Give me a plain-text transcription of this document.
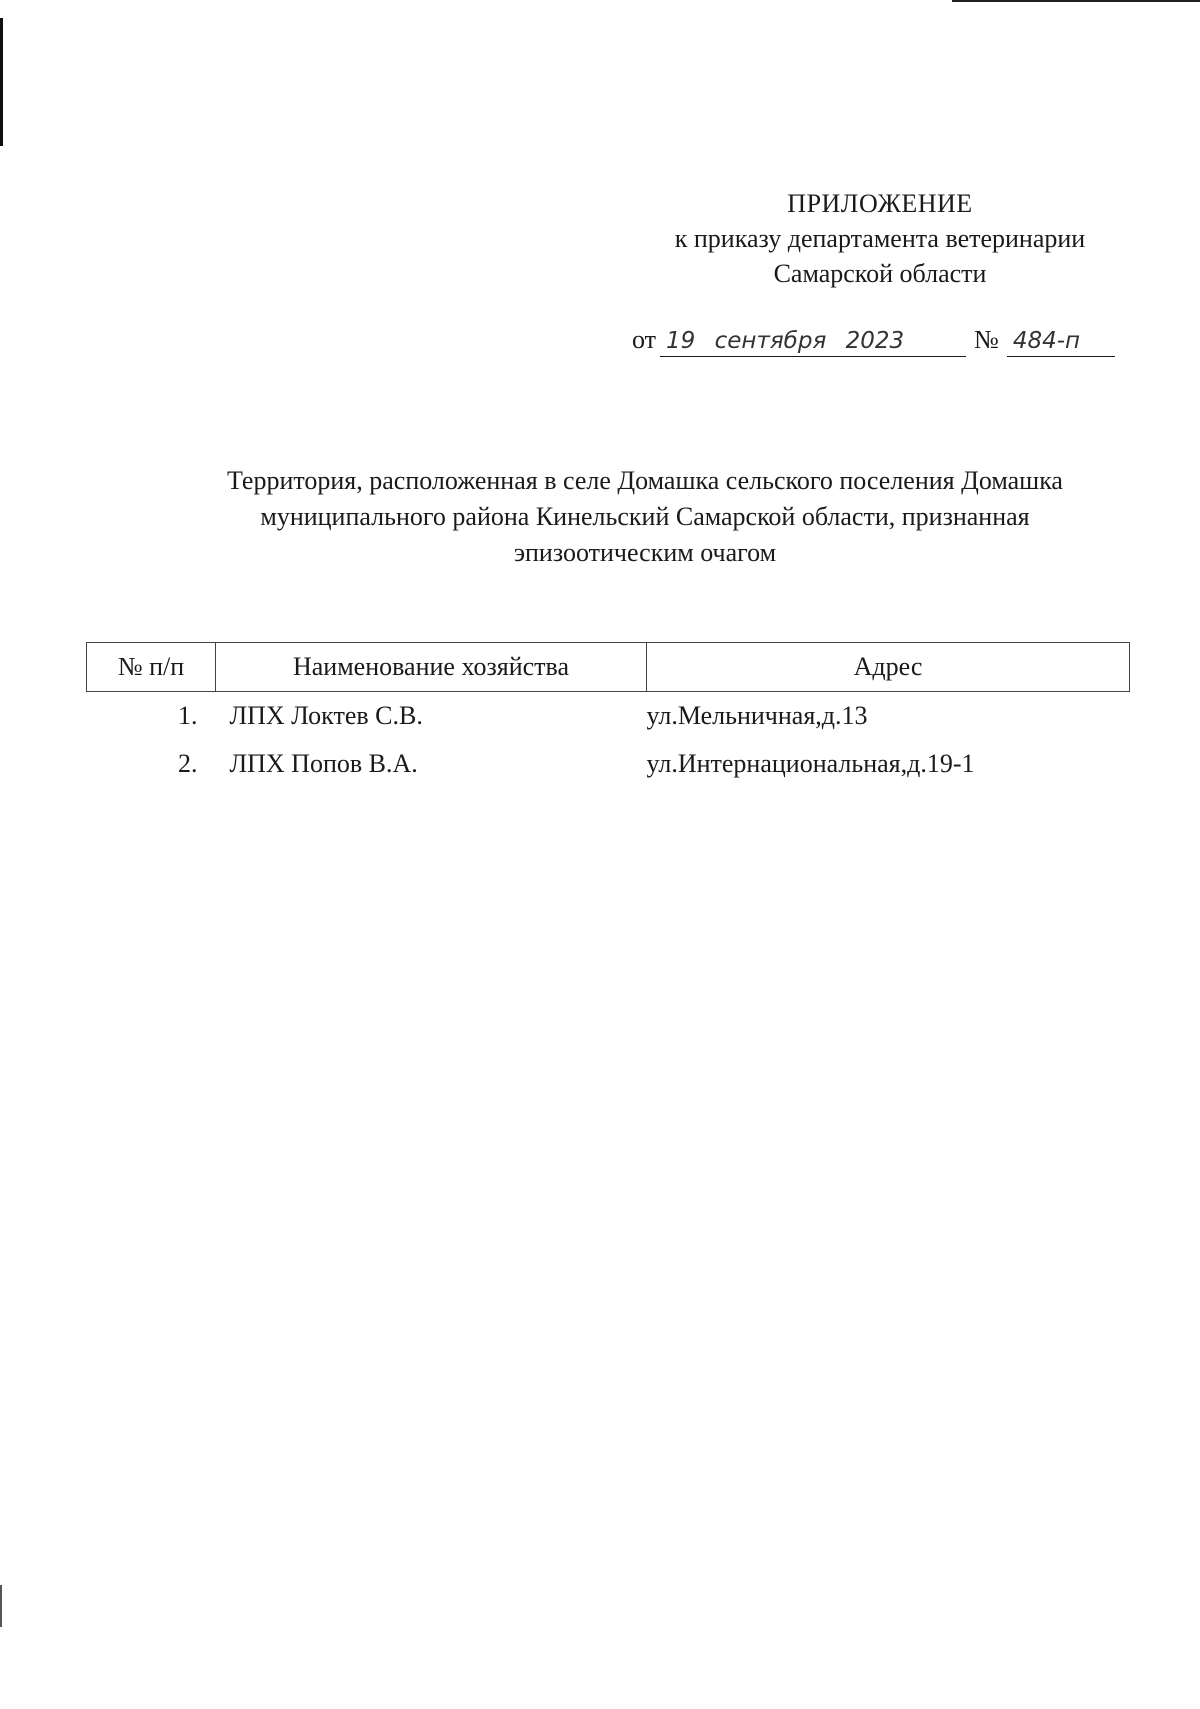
ПРИЛОЖЕНИЕ
к приказу департамента ветеринарии
Самарской области
от 19 сентября 2023	№ 484-п
Территория, расположенная в селе Домашка сельского поселения Домашка
муниципального района Кинельский Самарской области, признанная
эпизоотическим очагом
№ п/п	Наименование хозяйства	Адрес
1.	ЛПХ Локтев С.В.	ул.Мельничная,д.13
2.	ЛПХ Попов В.А.	ул.Интернациональная,д.19-1
